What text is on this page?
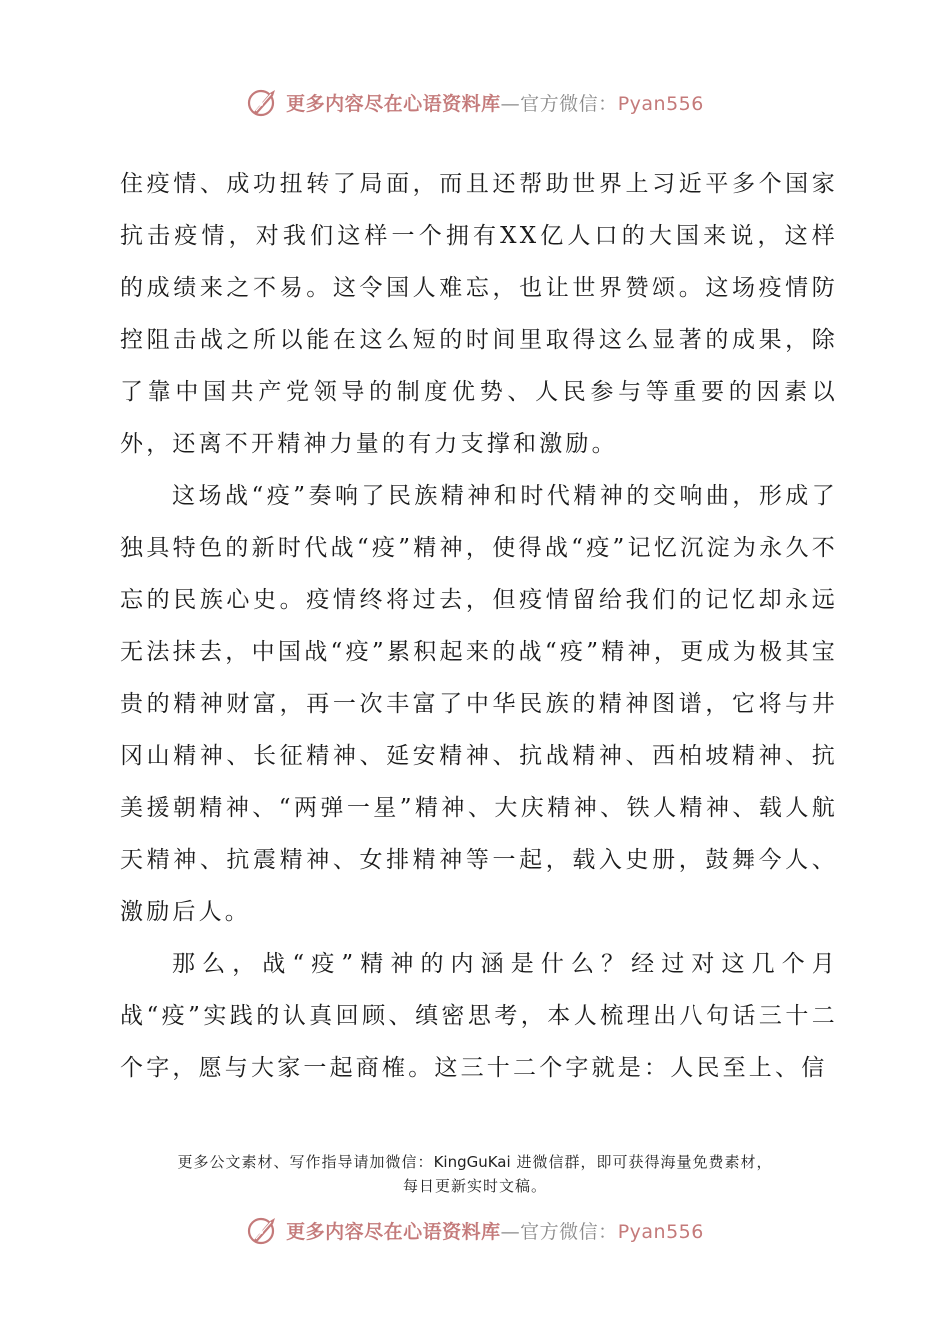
更多内容尽在心语资料库—官方微信：Pyan556

住疫情、成功扭转了局面，而且还帮助世界上习近平多个国家抗击疫情，对我们这样一个拥有XX亿人口的大国来说，这样的成绩来之不易。这令国人难忘，也让世界赞颂。这场疫情防控阻击战之所以能在这么短的时间里取得这么显著的成果，除了靠中国共产党领导的制度优势、人民参与等重要的因素以外，还离不开精神力量的有力支撑和激励。

这场战“疫”奏响了民族精神和时代精神的交响曲，形成了独具特色的新时代战“疫”精神，使得战“疫”记忆沉淀为永久不忘的民族心史。疫情终将过去，但疫情留给我们的记忆却永远无法抹去，中国战“疫”累积起来的战“疫”精神，更成为极其宝贵的精神财富，再一次丰富了中华民族的精神图谱，它将与井冈山精神、长征精神、延安精神、抗战精神、西柏坡精神、抗美援朝精神、“两弹一星”精神、大庆精神、铁人精神、载人航天精神、抗震精神、女排精神等一起，载入史册，鼓舞今人、激励后人。

那么，战“疫”精神的内涵是什么？经过对这几个月战“疫”实践的认真回顾、缜密思考，本人梳理出八句话三十二个字，愿与大家一起商榷。这三十二个字就是：人民至上、信

更多公文素材、写作指导请加微信：KingGuKai 进微信群，即可获得海量免费素材，
每日更新实时文稿。
更多内容尽在心语资料库—官方微信：Pyan556
